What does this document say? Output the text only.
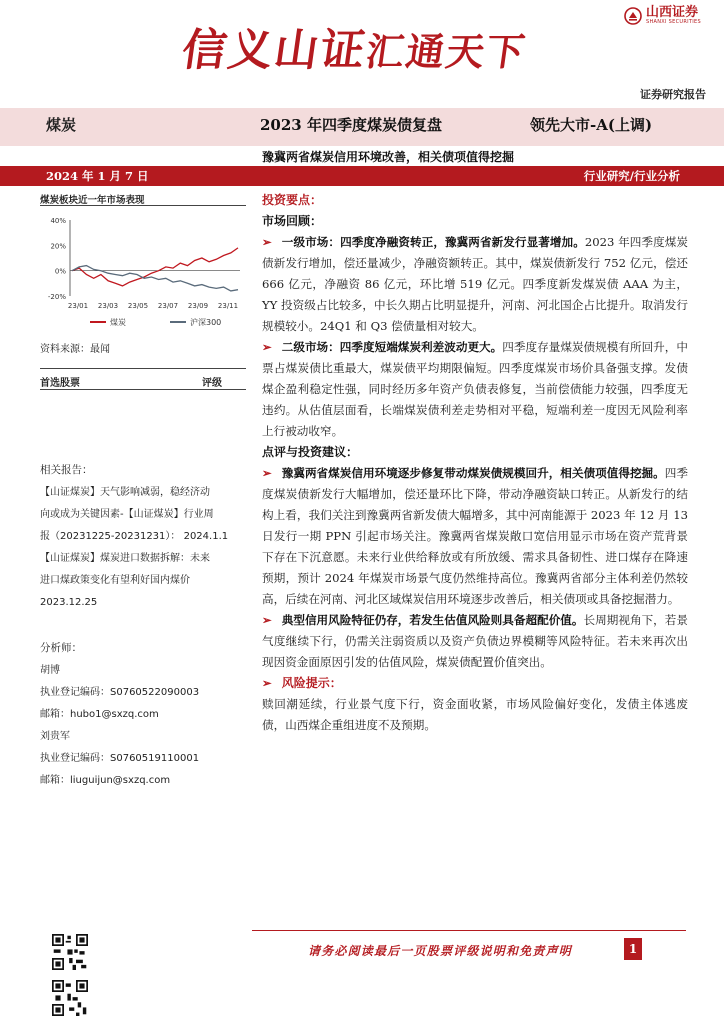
信义山证汇通天下
山西证券
SHANXI SECURITIES
证券研究报告
煤炭	2023 年四季度煤炭债复盘	领先大市-A(上调)
豫冀两省煤炭信用环境改善，相关债项值得挖掘
2024 年 1 月 7 日	行业研究/行业分析
煤炭板块近一年市场表现
40%
20%
0%
-20%
23/01 23/03 23/05 23/07 23/09 23/11
煤炭	沪深300
资料来源：最闻
首选股票	评级
相关报告：
【山证煤炭】天气影响减弱，稳经济动
向或成为关键因素-【山证煤炭】行业周
报（20231225-20231231）： 2024.1.1
【山证煤炭】煤炭进口数据拆解：未来
进口煤政策变化有望利好国内煤价
2023.12.25
分析师：
胡博
执业登记编码：S0760522090003
邮箱：hubo1@sxzq.com
刘贵军
执业登记编码：S0760519110001
邮箱：liuguijun@sxzq.com
投资要点：
市场回顾：

➢ 一级市场：四季度净融资转正，豫冀两省新发行显著增加。2023 年四季度煤炭债新发行增加，偿还量减少，净融资额转正。其中，煤炭债新发行 752 亿元，偿还 666 亿元，净融资 86 亿元，环比增 519 亿元。四季度新发煤炭债 AAA 为主，YY 投资级占比较多，中长久期占比明显提升，河南、河北国企占比提升。取消发行规模较小。24Q1 和 Q3 偿债量相对较大。

➢ 二级市场：四季度短端煤炭利差波动更大。四季度存量煤炭债规模有所回升，中票占煤炭债比重最大，煤炭债平均期限偏短。四季度煤炭市场价具备强支撑。发债煤企盈利稳定性强，同时经历多年资产负债表修复，当前偿债能力较强，四季度无违约。从估值层面看，长端煤炭债利差走势相对平稳，短端利差一度因无风险利率上行被动收窄。

点评与投资建议：

➢ 豫冀两省煤炭信用环境逐步修复带动煤炭债规模回升，相关债项值得挖掘。四季度煤炭债新发行大幅增加，偿还量环比下降，带动净融资缺口转正。从新发行的结构上看，我们关注到豫冀两省新发债大幅增多，其中河南能源于 2023 年 12 月 13 日发行一期 PPN 引起市场关注。豫冀两省煤炭敞口宽信用显示市场在资产荒背景下存在下沉意愿。未来行业供给释放或有所放缓、需求具备韧性、进口煤存在降速预期，预计 2024 年煤炭市场景气度仍然维持高位。豫冀两省部分主体利差仍然较高，后续在河南、河北区域煤炭信用环境逐步改善后，相关债项或具备挖掘潜力。

➢ 典型信用风险特征仍存，若发生估值风险则具备超配价值。长周期视角下，若景气度继续下行，仍需关注弱资质以及资产负债边界模糊等风险特征。若未来再次出现因资金面原因引发的估值风险，煤炭债配置价值突出。

➢ 风险提示：

赎回潮延续，行业景气度下行，资金面收紧，市场风险偏好变化，发债主体逃废债，山西煤企重组进度不及预期。

请务必阅读最后一页股票评级说明和免责声明	1
